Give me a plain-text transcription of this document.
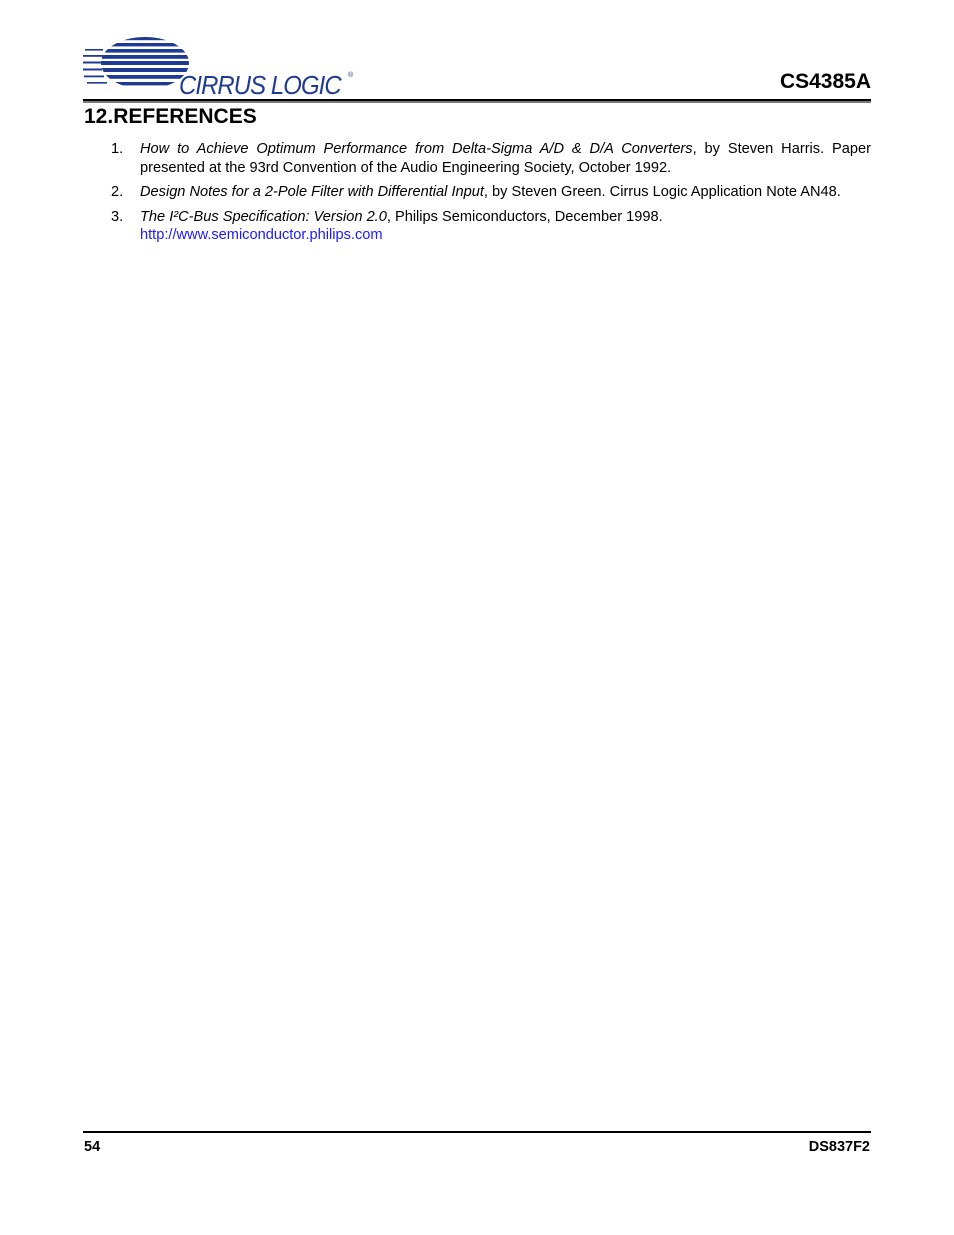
CIRRUS LOGIC ®	CS4385A
12.REFERENCES
1. How to Achieve Optimum Performance from Delta-Sigma A/D & D/A Converters, by Steven Harris. Paper presented at the 93rd Convention of the Audio Engineering Society, October 1992.
2. Design Notes for a 2-Pole Filter with Differential Input, by Steven Green. Cirrus Logic Application Note AN48.
3. The I²C-Bus Specification: Version 2.0, Philips Semiconductors, December 1998.
http://www.semiconductor.philips.com
54	DS837F2
